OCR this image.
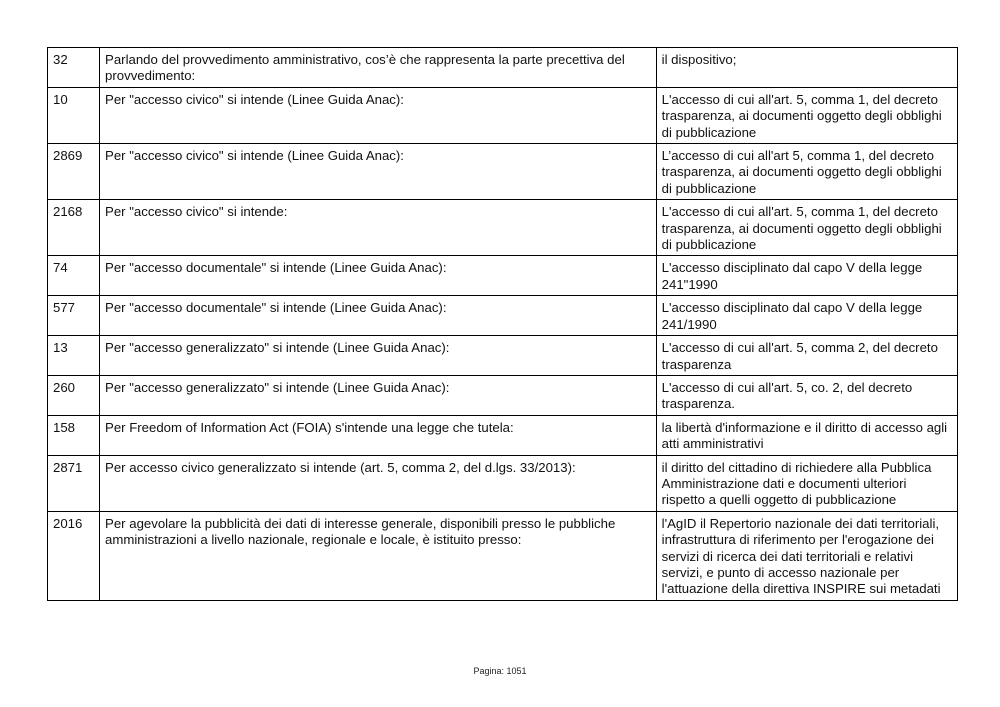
32	Parlando del provvedimento amministrativo, cos’è che rappresenta la parte precettiva del provvedimento:	il dispositivo;
10	Per "accesso civico" si intende (Linee Guida Anac):	L'accesso di cui all'art. 5, comma 1, del decreto trasparenza, ai documenti oggetto degli obblighi di pubblicazione
2869	Per "accesso civico" si intende (Linee Guida Anac):	L’accesso di cui all'art 5, comma 1, del decreto trasparenza, ai documenti oggetto degli obblighi di pubblicazione
2168	Per "accesso civico" si intende:	L'accesso di cui all'art. 5, comma 1, del decreto trasparenza, ai documenti oggetto degli obblighi di pubblicazione
74	Per "accesso documentale" si intende (Linee Guida Anac):	L'accesso disciplinato dal capo V della legge 241"1990
577	Per "accesso documentale" si intende (Linee Guida Anac):	L'accesso disciplinato dal capo V della legge 241/1990
13	Per "accesso generalizzato" si intende (Linee Guida Anac):	L'accesso di cui all'art. 5, comma 2, del decreto trasparenza
260	Per "accesso generalizzato" si intende (Linee Guida Anac):	L'accesso di cui all'art. 5, co. 2, del decreto trasparenza.
158	Per Freedom of Information Act (FOIA) s'intende una legge che tutela:	la libertà d'informazione e il diritto di accesso agli atti amministrativi
2871	Per accesso civico generalizzato si intende (art. 5, comma 2, del d.lgs. 33/2013):	il diritto del cittadino di richiedere alla Pubblica Amministrazione dati e documenti ulteriori rispetto a quelli oggetto di pubblicazione
2016	Per agevolare la pubblicità dei dati di interesse generale, disponibili presso le pubbliche amministrazioni a livello nazionale, regionale e locale, è istituito presso:	l'AgID il Repertorio nazionale dei dati territoriali, infrastruttura di riferimento per l'erogazione dei servizi di ricerca dei dati territoriali e relativi servizi, e punto di accesso nazionale per l'attuazione della direttiva INSPIRE sui metadati
Pagina: 1051
